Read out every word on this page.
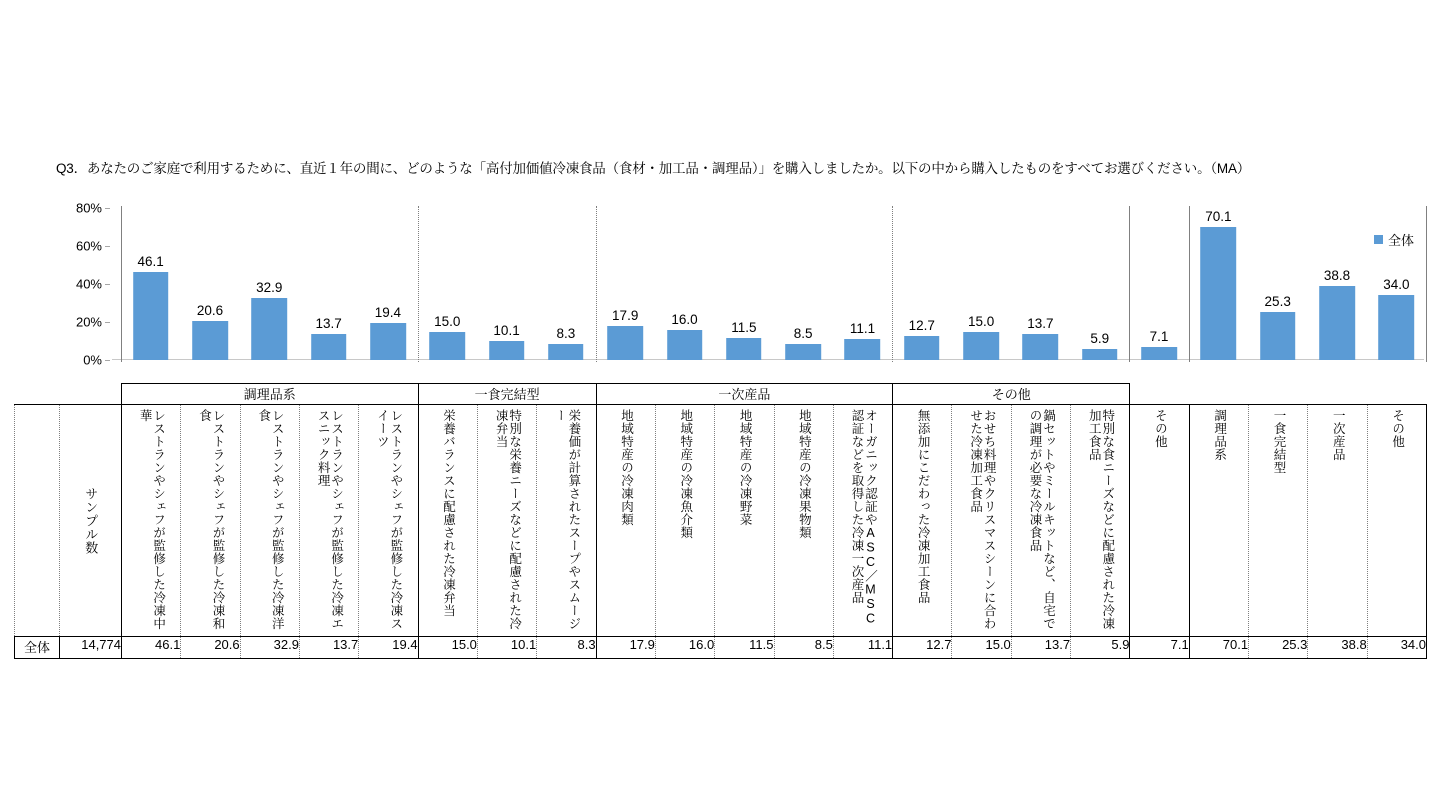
Q3．あなたのご家庭で利用するために、直近１年の間に、どのような「高付加価値冷凍食品（食材・加工品・調理品）」を購入しましたか。以下の中から購入したものをすべてお選びください。（MA）
80%
60%
40%
20%
0%
46.1
20.6
32.9
13.7
19.4
15.0
10.1	8.3
17.9 16.0
11.5	8.5	11.1 12.7 15.0 13.7
5.9	7.1
70.1
25.3
38.8
34.0
全体
		調理品系					一食完結型			一次産品					その他								

	サンプル数	レストランやシェフが監修した冷凍中華	レストランやシェフが監修した冷凍和食	レストランやシェフが監修した冷凍洋食	レストランやシェフが監修した冷凍エスニック料理	レストランやシェフが監修した冷凍スイーツ	栄養バランスに配慮された冷凍弁当	特別な栄養ニーズなどに配慮された冷凍弁当	栄養価が計算されたスープやスムージー	地域特産の冷凍肉類	地域特産の冷凍魚介類	地域特産の冷凍野菜	地域特産の冷凍果物類	オーガニック認証やASC／MSC認証などを取得した冷凍一次産品	無添加にこだわった冷凍加工食品	おせち料理やクリスマスシーンに合わせた冷凍加工食品	鍋セットやミールキットなど、自宅での調理が必要な冷凍食品	特別な食ニーズなどに配慮された冷凍加工食品	その他	調理品系	一食完結型	一次産品	その他

全体	14,774	46.1	20.6	32.9	13.7	19.4	15.0	10.1	8.3	17.9	16.0	11.5	8.5	11.1	12.7	15.0	13.7	5.9	7.1	70.1	25.3	38.8	34.0
